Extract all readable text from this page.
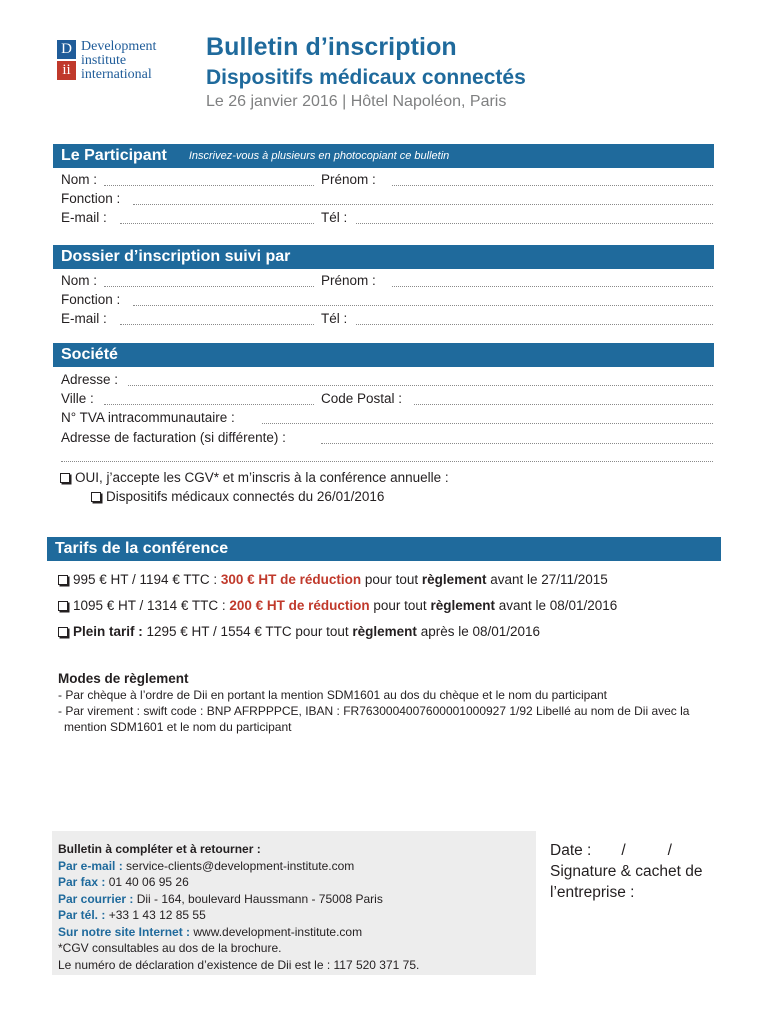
D
ii
Development
institute
international
Bulletin d’inscription
Dispositifs médicaux connectés
Le 26 janvier 2016 | Hôtel Napoléon, Paris
Le Participant Inscrivez-vous à plusieurs en photocopiant ce bulletin
Nom :	Prénom :
Fonction :
E-mail :	Tél :
Dossier d’inscription suivi par
Nom :	Prénom :
Fonction :
E-mail :	Tél :
Société
Adresse :
Ville :	Code Postal :
N° TVA intracommunautaire :
Adresse de facturation (si différente) :
OUI, j’accepte les CGV* et m’inscris à la conférence annuelle :
Dispositifs médicaux connectés du 26/01/2016
Tarifs de la conférence
995 € HT / 1194 € TTC : 300 € HT de réduction pour tout règlement avant le 27/11/2015
1095 € HT / 1314 € TTC : 200 € HT de réduction pour tout règlement avant le 08/01/2016
Plein tarif : 1295 € HT / 1554 € TTC pour tout règlement après le 08/01/2016
Modes de règlement
- Par chèque à l’ordre de Dii en portant la mention SDM1601 au dos du chèque et le nom du participant
- Par virement : swift code : BNP AFRPPPCE, IBAN : FR7630004007600001000927 1/92 Libellé au nom de Dii avec la
mention SDM1601 et le nom du participant
Bulletin à compléter et à retourner :
Par e-mail : service-clients@development-institute.com
Par fax : 01 40 06 95 26
Par courrier : Dii - 164, boulevard Haussmann - 75008 Paris
Par tél. : +33 1 43 12 85 55
Sur notre site Internet : www.development-institute.com
*CGV consultables au dos de la brochure.
Le numéro de déclaration d’existence de Dii est le : 117 520 371 75.
Date : /	/
Signature & cachet de
l’entreprise :
